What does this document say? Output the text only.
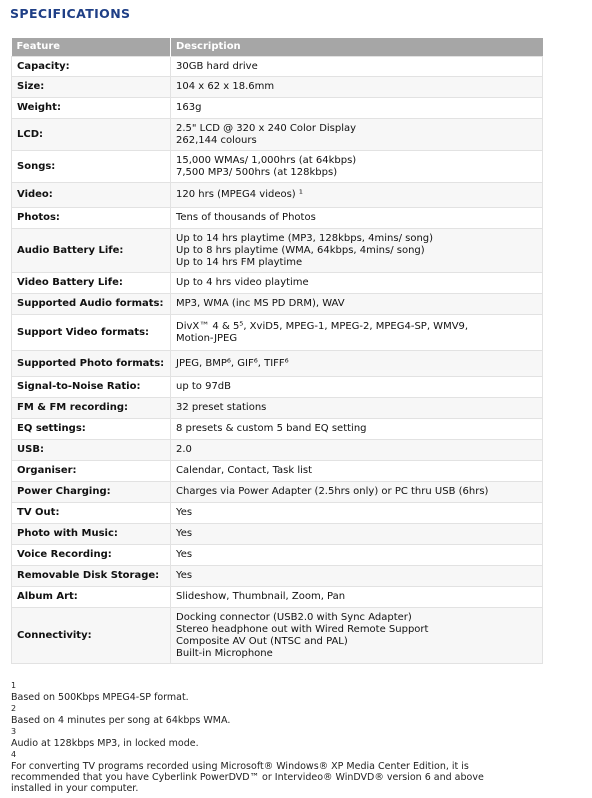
SPECIFICATIONS
Feature	Description
Capacity:	30GB hard drive
Size:	104 x 62 x 18.6mm
Weight:	163g
LCD:	2.5" LCD @ 320 x 240 Color Display
262,144 colours
Songs:	15,000 WMAs/ 1,000hrs (at 64kbps)
7,500 MP3/ 500hrs (at 128kbps)
Video:	120 hrs (MPEG4 videos) ¹
Photos:	Tens of thousands of Photos
Audio Battery Life:	Up to 14 hrs playtime (MP3, 128kbps, 4mins/ song)
Up to 8 hrs playtime (WMA, 64kbps, 4mins/ song)
Up to 14 hrs FM playtime
Video Battery Life:	Up to 4 hrs video playtime
Supported Audio formats:	MP3, WMA (inc MS PD DRM), WAV
Support Video formats:	DivX™ 4 & 5⁵, XviD5, MPEG-1, MPEG-2, MPEG4-SP, WMV9,
Motion-JPEG
Supported Photo formats:	JPEG, BMP⁶, GIF⁶, TIFF⁶
Signal-to-Noise Ratio:	up to 97dB
FM & FM recording:	32 preset stations
EQ settings:	8 presets & custom 5 band EQ setting
USB:	2.0
Organiser:	Calendar, Contact, Task list
Power Charging:	Charges via Power Adapter (2.5hrs only) or PC thru USB (6hrs)
TV Out:	Yes
Photo with Music:	Yes
Voice Recording:	Yes
Removable Disk Storage:	Yes
Album Art:	Slideshow, Thumbnail, Zoom, Pan
Connectivity:	Docking connector (USB2.0 with Sync Adapter)
Stereo headphone out with Wired Remote Support
Composite AV Out (NTSC and PAL)
Built-in Microphone
$^1$
Based on 500Kbps MPEG4-SP format.
$^2$
Based on 4 minutes per song at 64kbps WMA.
$^3$
Audio at 128kbps MP3, in locked mode.
$^4$
For converting TV programs recorded using Microsoft® Windows® XP Media Center Edition, it is
recommended that you have Cyberlink PowerDVD™ or Intervideo® WinDVD® version 6 and above
installed in your computer.
